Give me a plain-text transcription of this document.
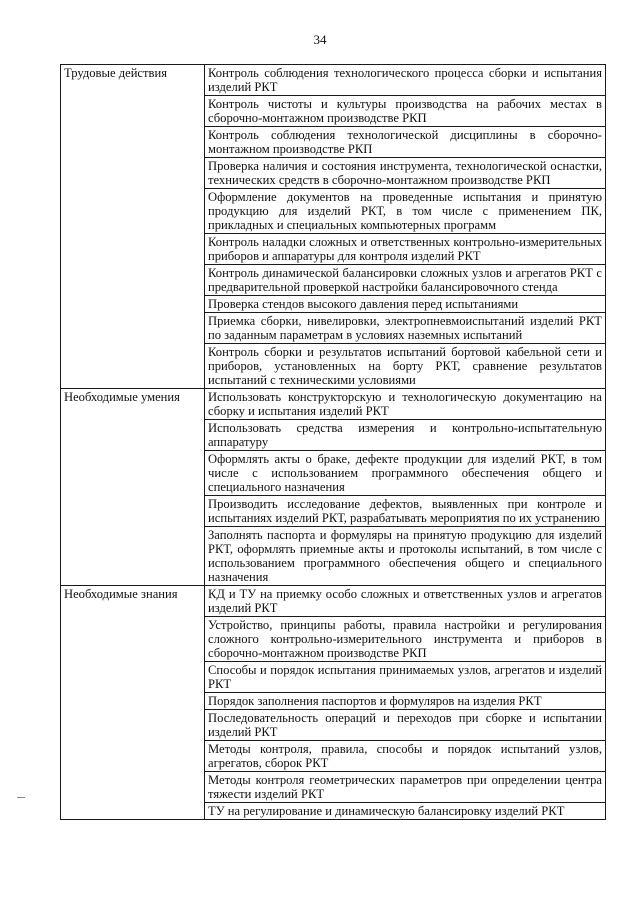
34
Трудовые действия	Контроль соблюдения технологического процесса сборки и испытания изделий РКТ
	Контроль чистоты и культуры производства на рабочих местах в сборочно-монтажном производстве РКП
	Контроль соблюдения технологической дисциплины в сборочно-монтажном производстве РКП
	Проверка наличия и состояния инструмента, технологической оснастки, технических средств в сборочно-монтажном производстве РКП
	Оформление документов на проведенные испытания и принятую продукцию для изделий РКТ, в том числе с применением ПК, прикладных и специальных компьютерных программ
	Контроль наладки сложных и ответственных контрольно-измерительных приборов и аппаратуры для контроля изделий РКТ
	Контроль динамической балансировки сложных узлов и агрегатов РКТ с предварительной проверкой настройки балансировочного стенда
	Проверка стендов высокого давления перед испытаниями
	Приемка сборки, нивелировки, электропневмоиспытаний изделий РКТ по заданным параметрам в условиях наземных испытаний
	Контроль сборки и результатов испытаний бортовой кабельной сети и приборов, установленных на борту РКТ, сравнение результатов испытаний с техническими условиями
Необходимые умения	Использовать конструкторскую и технологическую документацию на сборку и испытания изделий РКТ
	Использовать средства измерения и контрольно-испытательную аппаратуру
	Оформлять акты о браке, дефекте продукции для изделий РКТ, в том числе с использованием программного обеспечения общего и специального назначения
	Производить исследование дефектов, выявленных при контроле и испытаниях изделий РКТ, разрабатывать мероприятия по их устранению
	Заполнять паспорта и формуляры на принятую продукцию для изделий РКТ, оформлять приемные акты и протоколы испытаний, в том числе с использованием программного обеспечения общего и специального назначения
Необходимые знания	КД и ТУ на приемку особо сложных и ответственных узлов и агрегатов изделий РКТ
	Устройство, принципы работы, правила настройки и регулирования сложного контрольно-измерительного инструмента и приборов в сборочно-монтажном производстве РКП
	Способы и порядок испытания принимаемых узлов, агрегатов и изделий РКТ
	Порядок заполнения паспортов и формуляров на изделия РКТ
	Последовательность операций и переходов при сборке и испытании изделий РКТ
	Методы контроля, правила, способы и порядок испытаний узлов, агрегатов, сборок РКТ
	Методы контроля геометрических параметров при определении центра тяжести изделий РКТ
	ТУ на регулирование и динамическую балансировку изделий РКТ
